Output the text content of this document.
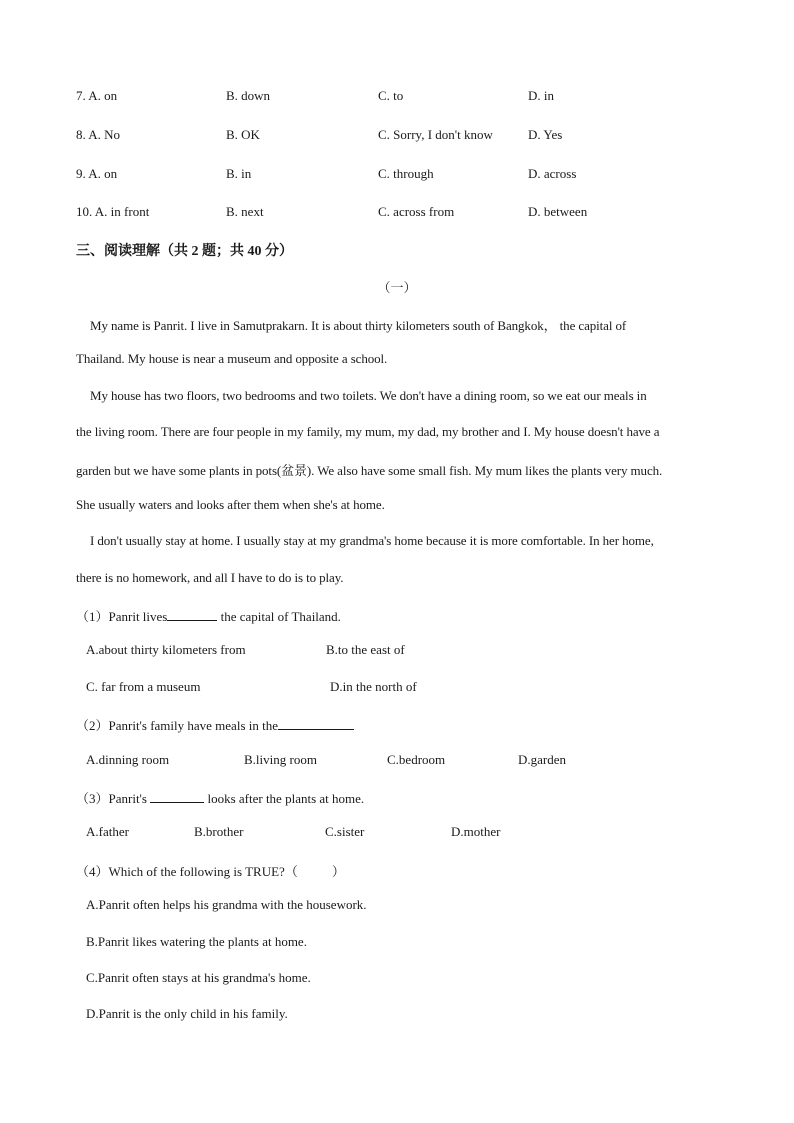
7. A. on	B. down	C. to	D. in
8. A. No	B. OK	C. Sorry, I don't know	D. Yes
9. A. on	B. in	C. through	D. across
10. A. in front	B. next	C. across from	D. between
三、阅读理解（共 2 题；共 40 分）
（一）
My name is Panrit. I live in Samutprakarn. It is about thirty kilometers south of Bangkok， the capital of
Thailand. My house is near a museum and opposite a school.
My house has two floors, two bedrooms and two toilets. We don't have a dining room, so we eat our meals in
the living room. There are four people in my family, my mum, my dad, my brother and I. My house doesn't have a
garden but we have some plants in pots(盆景). We also have some small fish. My mum likes the plants very much.
She usually waters and looks after them when she's at home.
I don't usually stay at home. I usually stay at my grandma's home because it is more comfortable. In her home,
there is no homework, and all I have to do is to play.
（1）Panrit lives	the capital of Thailand.
A.about thirty kilometers from	B.to the east of
C. far from a museum	D.in the north of
（2）Panrit's family have meals in the
A.dinning room	B.living room	C.bedroom	D.garden
（3）Panrit's	looks after the plants at home.
A.father	B.brother	C.sister	D.mother
（4）Which of the following is TRUE?（	）
A.Panrit often helps his grandma with the housework.
B.Panrit likes watering the plants at home.
C.Panrit often stays at his grandma's home.
D.Panrit is the only child in his family.
